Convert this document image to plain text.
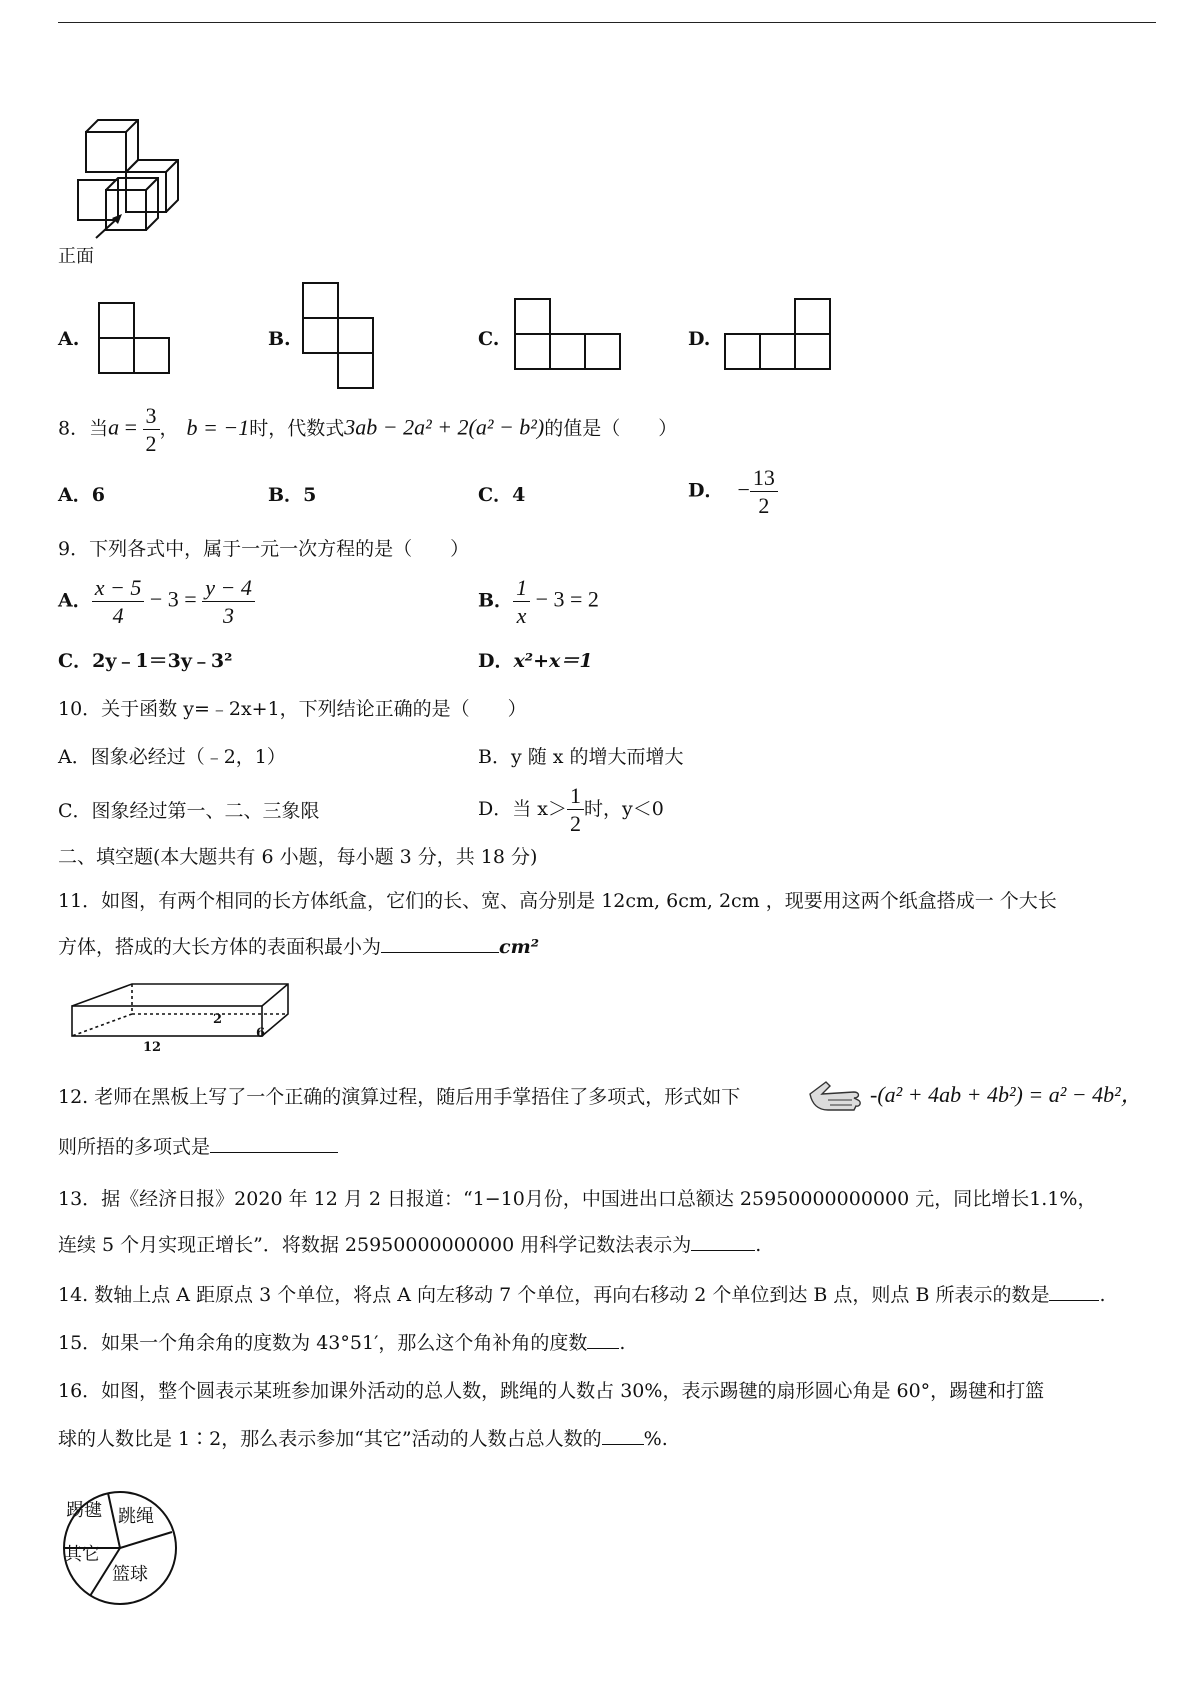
正面
A.	B.	C.	D.
8．当$a = \frac{3}{2}$ ， b = −1时，代数式3ab − 2a² + 2(a² − b²)的值是（　　）
A．6	B．5	C．4	D． − $\frac{13}{2}$
9．下列各式中，属于一元一次方程的是（　　）
A． $\frac{x - 5}{4} - 3 = \frac{y - 4}{3}$	B． $\frac{1}{x} - 3 = 2$
C．2y﹣1＝3y﹣3²	D．x²+x＝1
10．关于函数 y=﹣2x+1，下列结论正确的是（　　）
A．图象必经过（﹣2，1）	B．y 随 x 的增大而增大
C．图象经过第一、二、三象限	D．当 $x> \frac{1}{2}$ 时，y＜0
二、填空题(本大题共有 6 小题，每小题 3 分，共 18 分)
11．如图，有两个相同的长方体纸盒，它们的长、宽、高分别是 12cm, 6cm, 2cm ，现要用这两个纸盒搭成一 个大长
方体，搭成的大长方体的表面积最小为	cm²
2
12
6
12. 老师在黑板上写了一个正确的演算过程，随后用手掌捂住了多项式，形式如下	-(a² + 4ab + 4b²) = a² − 4b²，
则所捂的多项式是
13．据《经济日报》2020 年 12 月 2 日报道：“1−10月份，中国进出口总额达 25950000000000 元，同比增长1.1%，
连续 5 个月实现正增长”．将数据 25950000000000 用科学记数法表示为	.
14. 数轴上点 A 距原点 3 个单位，将点 A 向左移动 7 个单位，再向右移动 2 个单位到达 B 点，则点 B 所表示的数是	.
15．如果一个角余角的度数为 43°51′，那么这个角补角的度数 .
16．如图，整个圆表示某班参加课外活动的总人数，跳绳的人数占 30%，表示踢毽的扇形圆心角是 60°，踢毽和打篮
球的人数比是 1∶2，那么表示参加“其它”活动的人数占总人数的 %.
踢毽 跳绳
其它
篮球
